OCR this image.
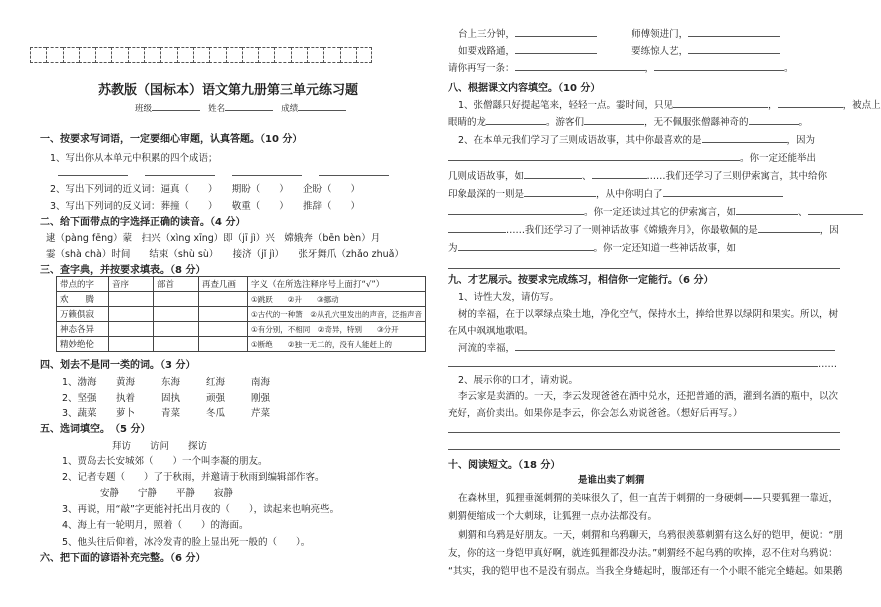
苏教版（国标本）语文第九册第三单元练习题
班级	姓名	成绩
一、按要求写词语，一定要细心审题，认真答题。（10 分）
1、写出你从本单元中积累的四个成语；
2、写出下列词的近义词：逼真（　　）　　期盼（　　）　　企盼（　　）
3、写出下列词的反义词：葬撞（　　）　　敬重（　　）　　推辞（　　）
二、给下面带点的字选择正确的读音。（4 分）
逮（pàng fēng）蒙　扫兴（xìng xīng）即（jī jì）兴　嫦娥奔（bēn bèn）月
霎（shà chà）时间　　结束（shù sù）　　接济（jǐ jì）　　张牙舞爪（zhǎo zhuǎ）
三、查字典，并按要求填表。（8 分）
带点的字	音序	部首	再查几画	字义（在所选注释序号上面打“√”）
欢　　腾				①跳跃　　②升　　③挪动
万籁俱寂				①古代的一种箫　②从孔穴里发出的声音，泛指声音
神态各异				①有分别，不相同　②奇异，特别　　③分开
精妙绝伦				①断绝　　②独一无二的，没有人能赶上的
四、划去不是同一类的词。（3 分）
1、渤海 黄海	东海	红海	南海
2、坚强 执着	固执	顽强	刚强
3、蔬菜 萝卜	青菜	冬瓜	芹菜
五、选词填空。　（5 分）
拜访　　访问　　探访
1、贾岛去长安城郊（　　）一个叫李凝的朋友。
2、记者专题（　　）了于秋雨，并邀请于秋雨到编辑部作客。
安静　　宁静　　平静　　寂静
3、再说，用“敲”字更能衬托出月夜的（　　），读起来也响亮些。
4、海上有一轮明月，照着（　　）的海面。
5、他头往后仰着，冰冷发青的脸上显出死一般的（　　）。
六、把下面的谚语补充完整。（6 分）
台上三分钟，	师傅领进门，
如要戏路通，	要练惊人艺，
请你再写一条：	，	。
八、根据课文内容填空。（10 分）
1、张僧繇只好提起笔来，轻轻一点。霎时间，只见	，	，被点上
眼睛的龙	。游客们	，无不佩服张僧繇神奇的	。
2、在本单元我们学习了三则成语故事，其中你最喜欢的是	，因为
。你一定还能举出
几则成语故事，如	、	……我们还学习了三则伊索寓言，其中给你
印象最深的一则是	，从中你明白了
。你一定还读过其它的伊索寓言，如	、
……我们还学习了一则神话故事《嫦娥奔月》，你最敬佩的是	，因
为	。你一定还知道一些神话故事，如
九、才艺展示。按要求完成练习，相信你一定能行。（6 分）
1、诗性大发，请仿写。
树的幸福，在于以翠绿点染土地，净化空气，保持水土，捧给世界以绿阴和果实。所以，树
在风中飒飒地歌唱。
河流的幸福，
……
2、展示你的口才，请劝说。
李云家是卖酒的。一天，李云发现爸爸在酒中兑水，还把普通的酒，灌到名酒的瓶中，以次
充好，高价卖出。如果你是李云，你会怎么劝说爸爸。（想好后再写。）
十、阅读短文。（18 分）
是谁出卖了刺猬
在森林里，狐狸垂涎刺猬的美味很久了，但一直苦于刺猬的一身硬刺——只要狐狸一靠近，
刺猬便缩成一个大刺球，让狐狸一点办法都没有。
刺猬和乌鸦是好朋友。一天，刺猬和乌鸦聊天，乌鸦很羡慕刺猬有这么好的铠甲，便说：“朋
友，你的这一身铠甲真好啊，就连狐狸都没办法。”刺猬经不起乌鸦的吹捧，忍不住对乌鸦说：
“其实，我的铠甲也不是没有弱点。当我全身蜷起时，腹部还有一个小眼不能完全蜷起。如果鹅
